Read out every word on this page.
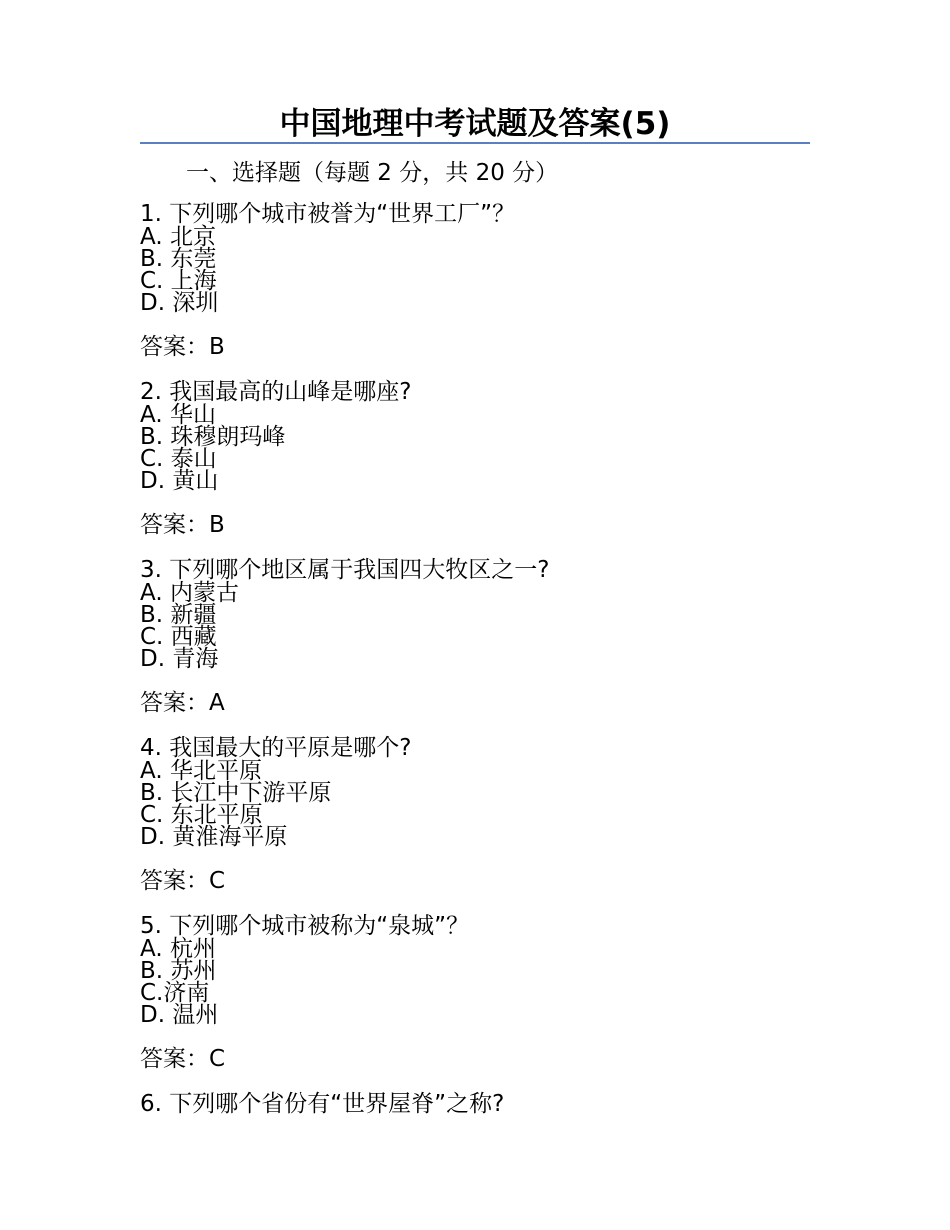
中国地理中考试题及答案(5)
一、选择题（每题 2 分，共 20 分）
1. 下列哪个城市被誉为“世界工厂”？
A. 北京
B. 东莞
C. 上海
D. 深圳
答案：B
2. 我国最高的山峰是哪座?
A. 华山
B. 珠穆朗玛峰
C. 泰山
D. 黄山
答案：B
3. 下列哪个地区属于我国四大牧区之一?
A. 内蒙古
B. 新疆
C. 西藏
D. 青海
答案：A
4. 我国最大的平原是哪个?
A. 华北平原
B. 长江中下游平原
C. 东北平原
D. 黄淮海平原
答案：C
5. 下列哪个城市被称为“泉城”？
A. 杭州
B. 苏州
C.济南
D. 温州
答案：C
6. 下列哪个省份有“世界屋脊”之称?
